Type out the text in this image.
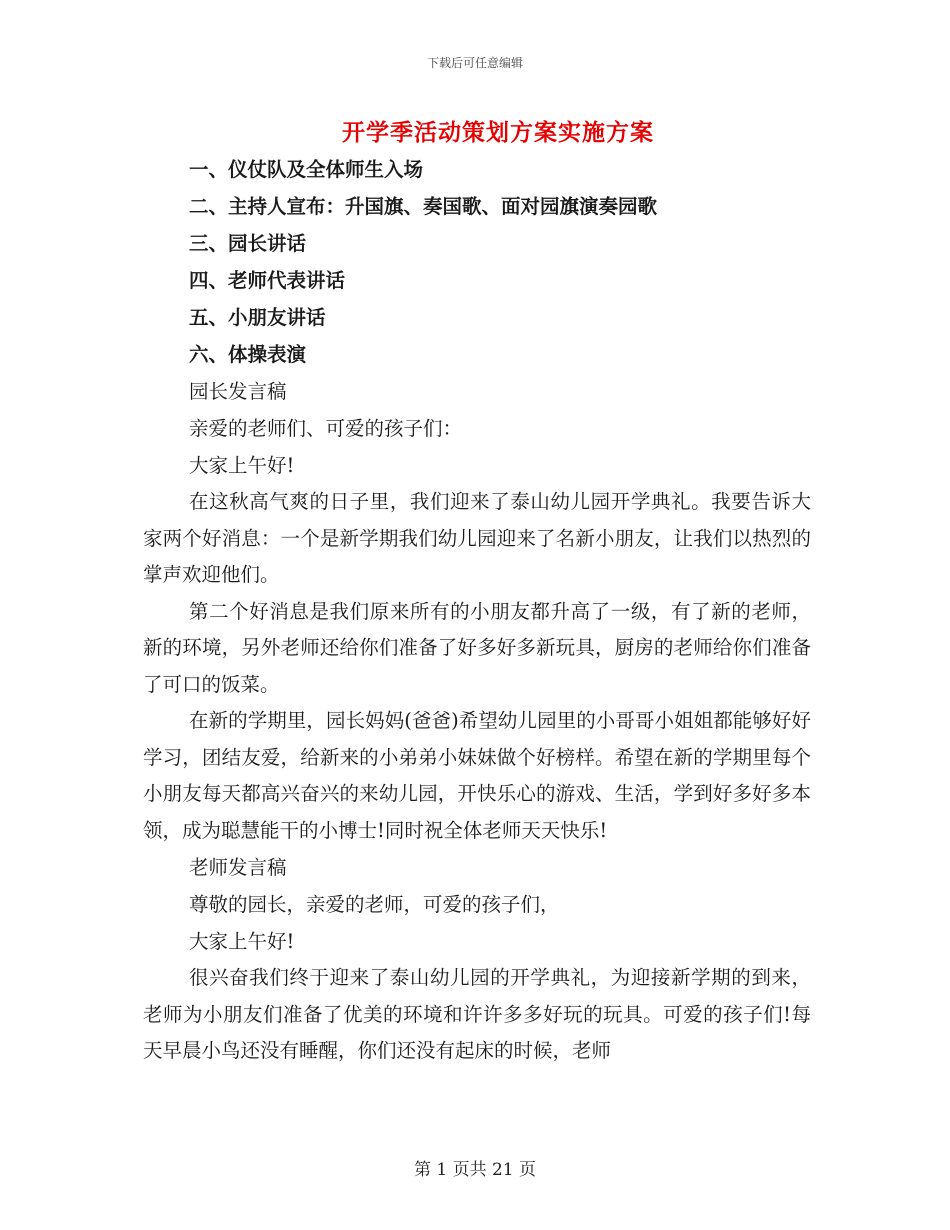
下载后可任意编辑
开学季活动策划方案实施方案
一、仪仗队及全体师生入场
二、主持人宣布：升国旗、奏国歌、面对园旗演奏园歌
三、园长讲话
四、老师代表讲话
五、小朋友讲话
六、体操表演
园长发言稿
亲爱的老师们、可爱的孩子们：
大家上午好!

在这秋高气爽的日子里，我们迎来了泰山幼儿园开学典礼。我要告诉大家两个好消息：一个是新学期我们幼儿园迎来了名新小朋友，让我们以热烈的掌声欢迎他们。

第二个好消息是我们原来所有的小朋友都升高了一级，有了新的老师，新的环境，另外老师还给你们准备了好多好多新玩具，厨房的老师给你们准备了可口的饭菜。

在新的学期里，园长妈妈(爸爸)希望幼儿园里的小哥哥小姐姐都能够好好学习，团结友爱，给新来的小弟弟小妹妹做个好榜样。希望在新的学期里每个小朋友每天都高兴奋兴的来幼儿园，开快乐心的游戏、生活，学到好多好多本领，成为聪慧能干的小博士!同时祝全体老师天天快乐!

老师发言稿
尊敬的园长，亲爱的老师，可爱的孩子们，
大家上午好!

很兴奋我们终于迎来了泰山幼儿园的开学典礼，为迎接新学期的到来，老师为小朋友们准备了优美的环境和许许多多好玩的玩具。可爱的孩子们!每天早晨小鸟还没有睡醒，你们还没有起床的时候，老师

第 1 页共 21 页
